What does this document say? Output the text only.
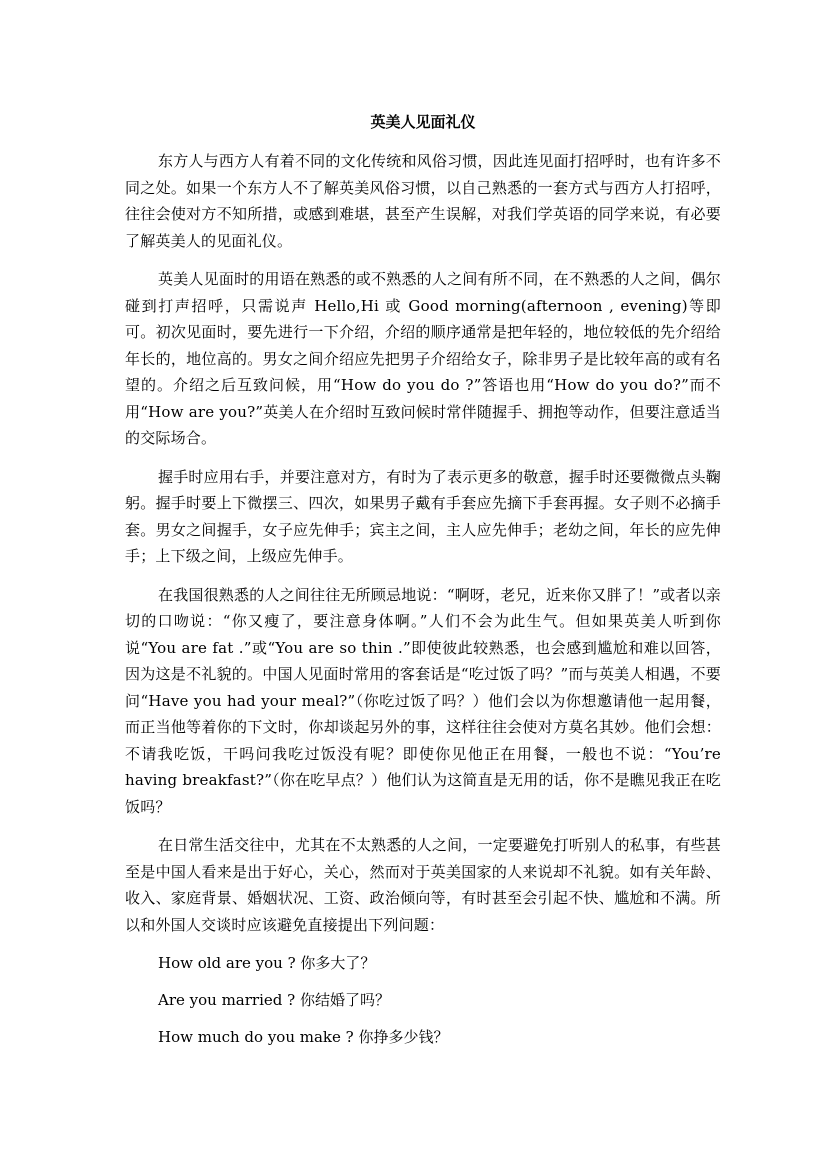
英美人见面礼仪

东方人与西方人有着不同的文化传统和风俗习惯，因此连见面打招呼时，也有许多不同之处。如果一个东方人不了解英美风俗习惯，以自己熟悉的一套方式与西方人打招呼，往往会使对方不知所措，或感到难堪，甚至产生误解，对我们学英语的同学来说，有必要了解英美人的见面礼仪。

英美人见面时的用语在熟悉的或不熟悉的人之间有所不同，在不熟悉的人之间，偶尔碰到打声招呼，只需说声 Hello,Hi 或 Good morning(afternoon , evening)等即可。初次见面时，要先进行一下介绍，介绍的顺序通常是把年轻的，地位较低的先介绍给年长的，地位高的。男女之间介绍应先把男子介绍给女子，除非男子是比较年高的或有名望的。介绍之后互致问候，用“How do you do ?”答语也用“How do you do?”而不用“How are you?”英美人在介绍时互致问候时常伴随握手、拥抱等动作，但要注意适当的交际场合。

握手时应用右手，并要注意对方，有时为了表示更多的敬意，握手时还要微微点头鞠躬。握手时要上下微摆三、四次，如果男子戴有手套应先摘下手套再握。女子则不必摘手套。男女之间握手，女子应先伸手；宾主之间，主人应先伸手；老幼之间，年长的应先伸手；上下级之间，上级应先伸手。

在我国很熟悉的人之间往往无所顾忌地说：“啊呀，老兄，近来你又胖了！”或者以亲切的口吻说：“你又瘦了，要注意身体啊。”人们不会为此生气。但如果英美人听到你说“You are fat .”或“You are so thin .”即使彼此较熟悉，也会感到尴尬和难以回答，因为这是不礼貌的。中国人见面时常用的客套话是“吃过饭了吗？”而与英美人相遇，不要问“Have you had your meal?”（你吃过饭了吗？）他们会以为你想邀请他一起用餐，而正当他等着你的下文时，你却谈起另外的事，这样往往会使对方莫名其妙。他们会想：不请我吃饭，干吗问我吃过饭没有呢？即使你见他正在用餐，一般也不说：“You’re having breakfast?”（你在吃早点？）他们认为这简直是无用的话，你不是瞧见我正在吃饭吗？

在日常生活交往中，尤其在不太熟悉的人之间，一定要避免打听别人的私事，有些甚至是中国人看来是出于好心，关心，然而对于英美国家的人来说却不礼貌。如有关年龄、收入、家庭背景、婚姻状况、工资、政治倾向等，有时甚至会引起不快、尴尬和不满。所以和外国人交谈时应该避免直接提出下列问题：

How old are you ? 你多大了？

Are you married ? 你结婚了吗？

How much do you make ? 你挣多少钱？
